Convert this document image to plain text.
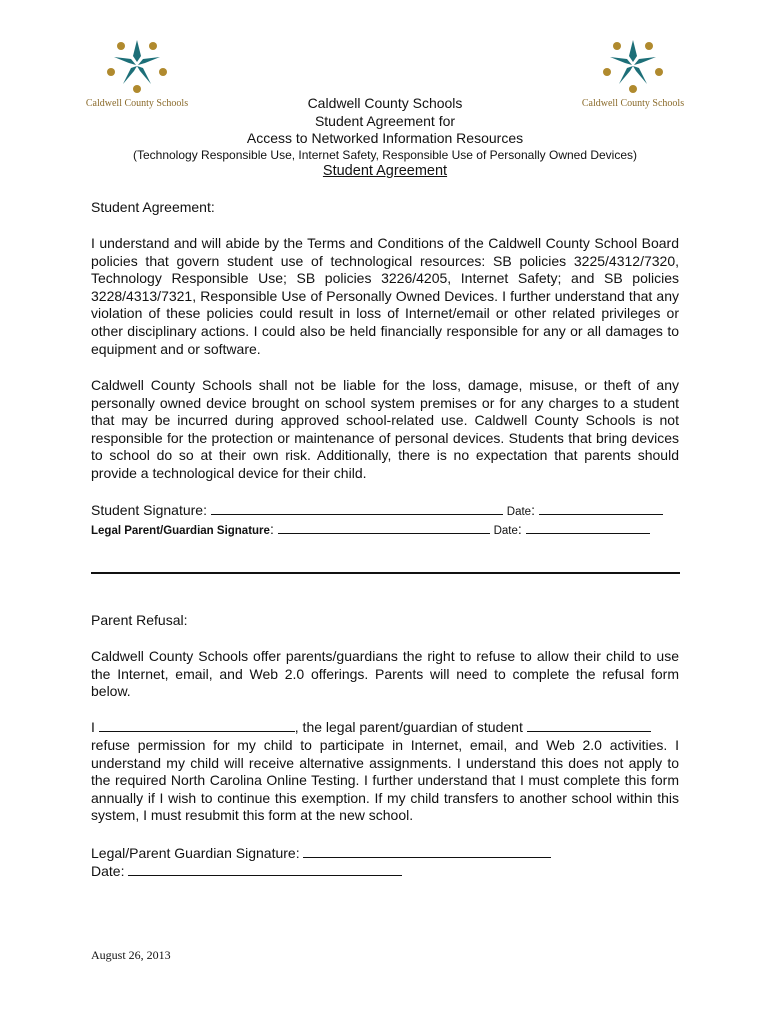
Caldwell County Schools	Caldwell County Schools
Caldwell County Schools
Student Agreement for
Access to Networked Information Resources
(Technology Responsible Use, Internet Safety, Responsible Use of Personally Owned Devices)
Student Agreement
Student Agreement:
I understand and will abide by the Terms and Conditions of the Caldwell County School Board policies that govern student use of technological resources: SB policies 3225/4312/7320, Technology Responsible Use; SB policies 3226/4205, Internet Safety; and SB policies 3228/4313/7321, Responsible Use of Personally Owned Devices. I further understand that any violation of these policies could result in loss of Internet/email or other related privileges or other disciplinary actions. I could also be held financially responsible for any or all damages to equipment and or software.
Caldwell County Schools shall not be liable for the loss, damage, misuse, or theft of any personally owned device brought on school system premises or for any charges to a student that may be incurred during approved school-related use. Caldwell County Schools is not responsible for the protection or maintenance of personal devices. Students that bring devices to school do so at their own risk. Additionally, there is no expectation that parents should provide a technological device for their child.
Student Signature:	Date:
Legal Parent/Guardian Signature:	Date:
Parent Refusal:
Caldwell County Schools offer parents/guardians the right to refuse to allow their child to use the Internet, email, and Web 2.0 offerings. Parents will need to complete the refusal form below.
I	, the legal parent/guardian of student
refuse permission for my child to participate in Internet, email, and Web 2.0 activities. I understand my child will receive alternative assignments. I understand this does not apply to the required North Carolina Online Testing. I further understand that I must complete this form annually if I wish to continue this exemption. If my child transfers to another school within this system, I must resubmit this form at the new school.
Legal/Parent Guardian Signature:
Date:
August 26, 2013
